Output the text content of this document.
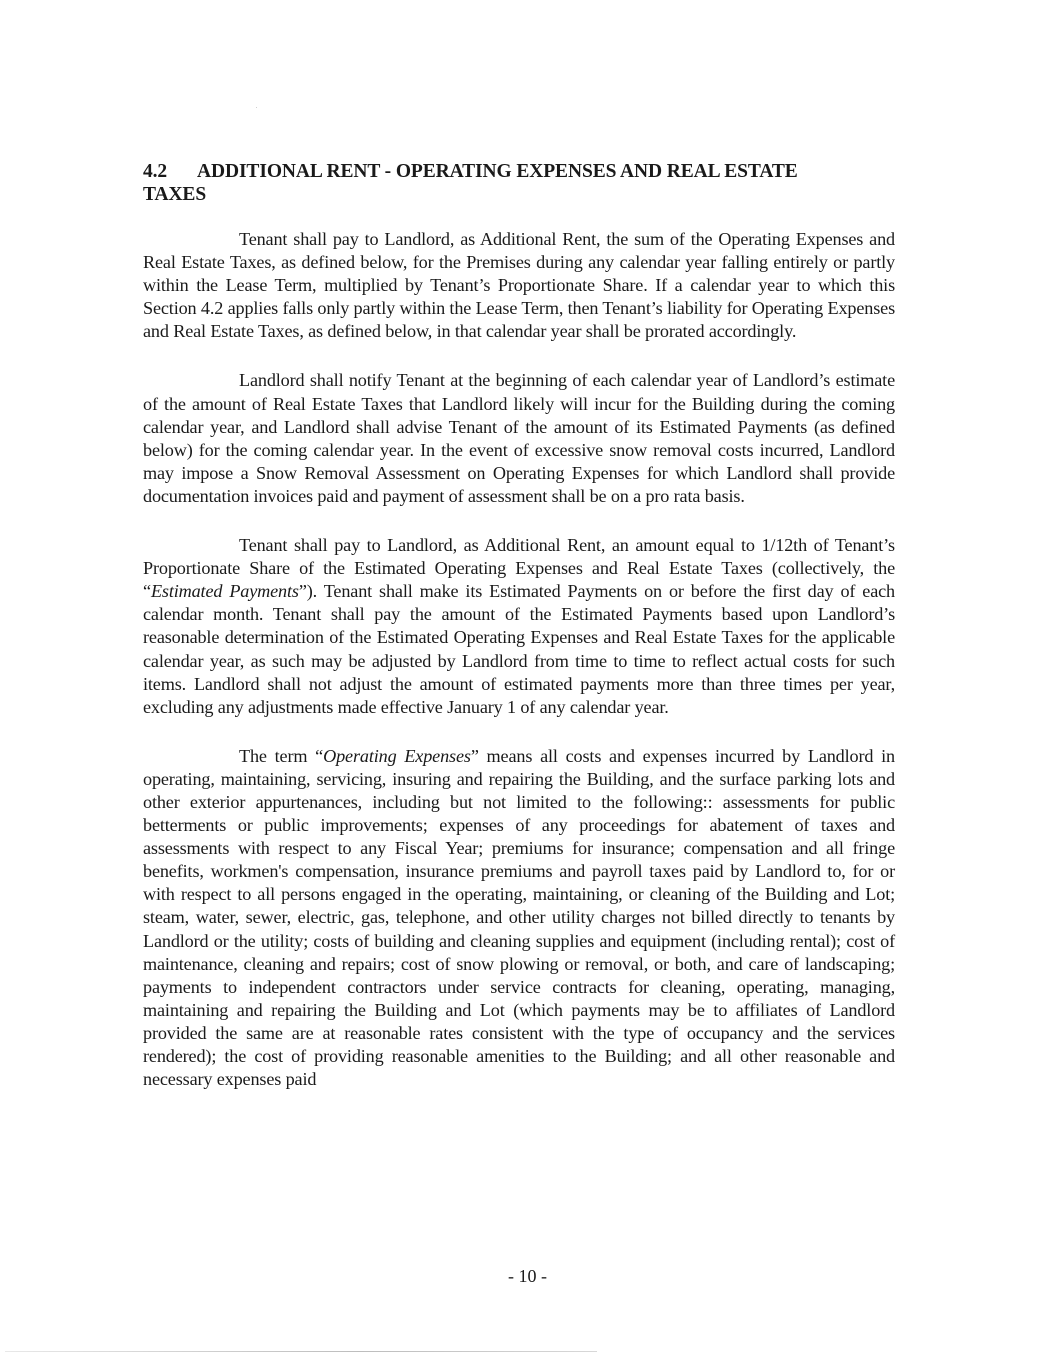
4.2 ADDITIONAL RENT - OPERATING EXPENSES AND REAL ESTATE
TAXES

Tenant shall pay to Landlord, as Additional Rent, the sum of the Operating Expenses and Real Estate Taxes, as defined below, for the Premises during any calendar year falling entirely or partly within the Lease Term, multiplied by Tenant’s Proportionate Share. If a calendar year to which this Section 4.2 applies falls only partly within the Lease Term, then Tenant’s liability for Operating Expenses and Real Estate Taxes, as defined below, in that calendar year shall be prorated accordingly.

Landlord shall notify Tenant at the beginning of each calendar year of Landlord’s estimate of the amount of Real Estate Taxes that Landlord likely will incur for the Building during the coming calendar year, and Landlord shall advise Tenant of the amount of its Estimated Payments (as defined below) for the coming calendar year. In the event of excessive snow removal costs incurred, Landlord may impose a Snow Removal Assessment on Operating Expenses for which Landlord shall provide documentation invoices paid and payment of assessment shall be on a pro rata basis.

Tenant shall pay to Landlord, as Additional Rent, an amount equal to 1/12th of Tenant’s Proportionate Share of the Estimated Operating Expenses and Real Estate Taxes (collectively, the “Estimated Payments”). Tenant shall make its Estimated Payments on or before the first day of each calendar month. Tenant shall pay the amount of the Estimated Payments based upon Landlord’s reasonable determination of the Estimated Operating Expenses and Real Estate Taxes for the applicable calendar year, as such may be adjusted by Landlord from time to time to reflect actual costs for such items. Landlord shall not adjust the amount of estimated payments more than three times per year, excluding any adjustments made effective January 1 of any calendar year.

The term “Operating Expenses” means all costs and expenses incurred by Landlord in operating, maintaining, servicing, insuring and repairing the Building, and the surface parking lots and other exterior appurtenances, including but not limited to the following:: assessments for public betterments or public improvements; expenses of any proceedings for abatement of taxes and assessments with respect to any Fiscal Year; premiums for insurance; compensation and all fringe benefits, workmen's compensation, insurance premiums and payroll taxes paid by Landlord to, for or with respect to all persons engaged in the operating, maintaining, or cleaning of the Building and Lot; steam, water, sewer, electric, gas, telephone, and other utility charges not billed directly to tenants by Landlord or the utility; costs of building and cleaning supplies and equipment (including rental); cost of maintenance, cleaning and repairs; cost of snow plowing or removal, or both, and care of landscaping; payments to independent contractors under service contracts for cleaning, operating, managing, maintaining and repairing the Building and Lot (which payments may be to affiliates of Landlord provided the same are at reasonable rates consistent with the type of occupancy and the services rendered); the cost of providing reasonable amenities to the Building; and all other reasonable and necessary expenses paid

- 10 -
